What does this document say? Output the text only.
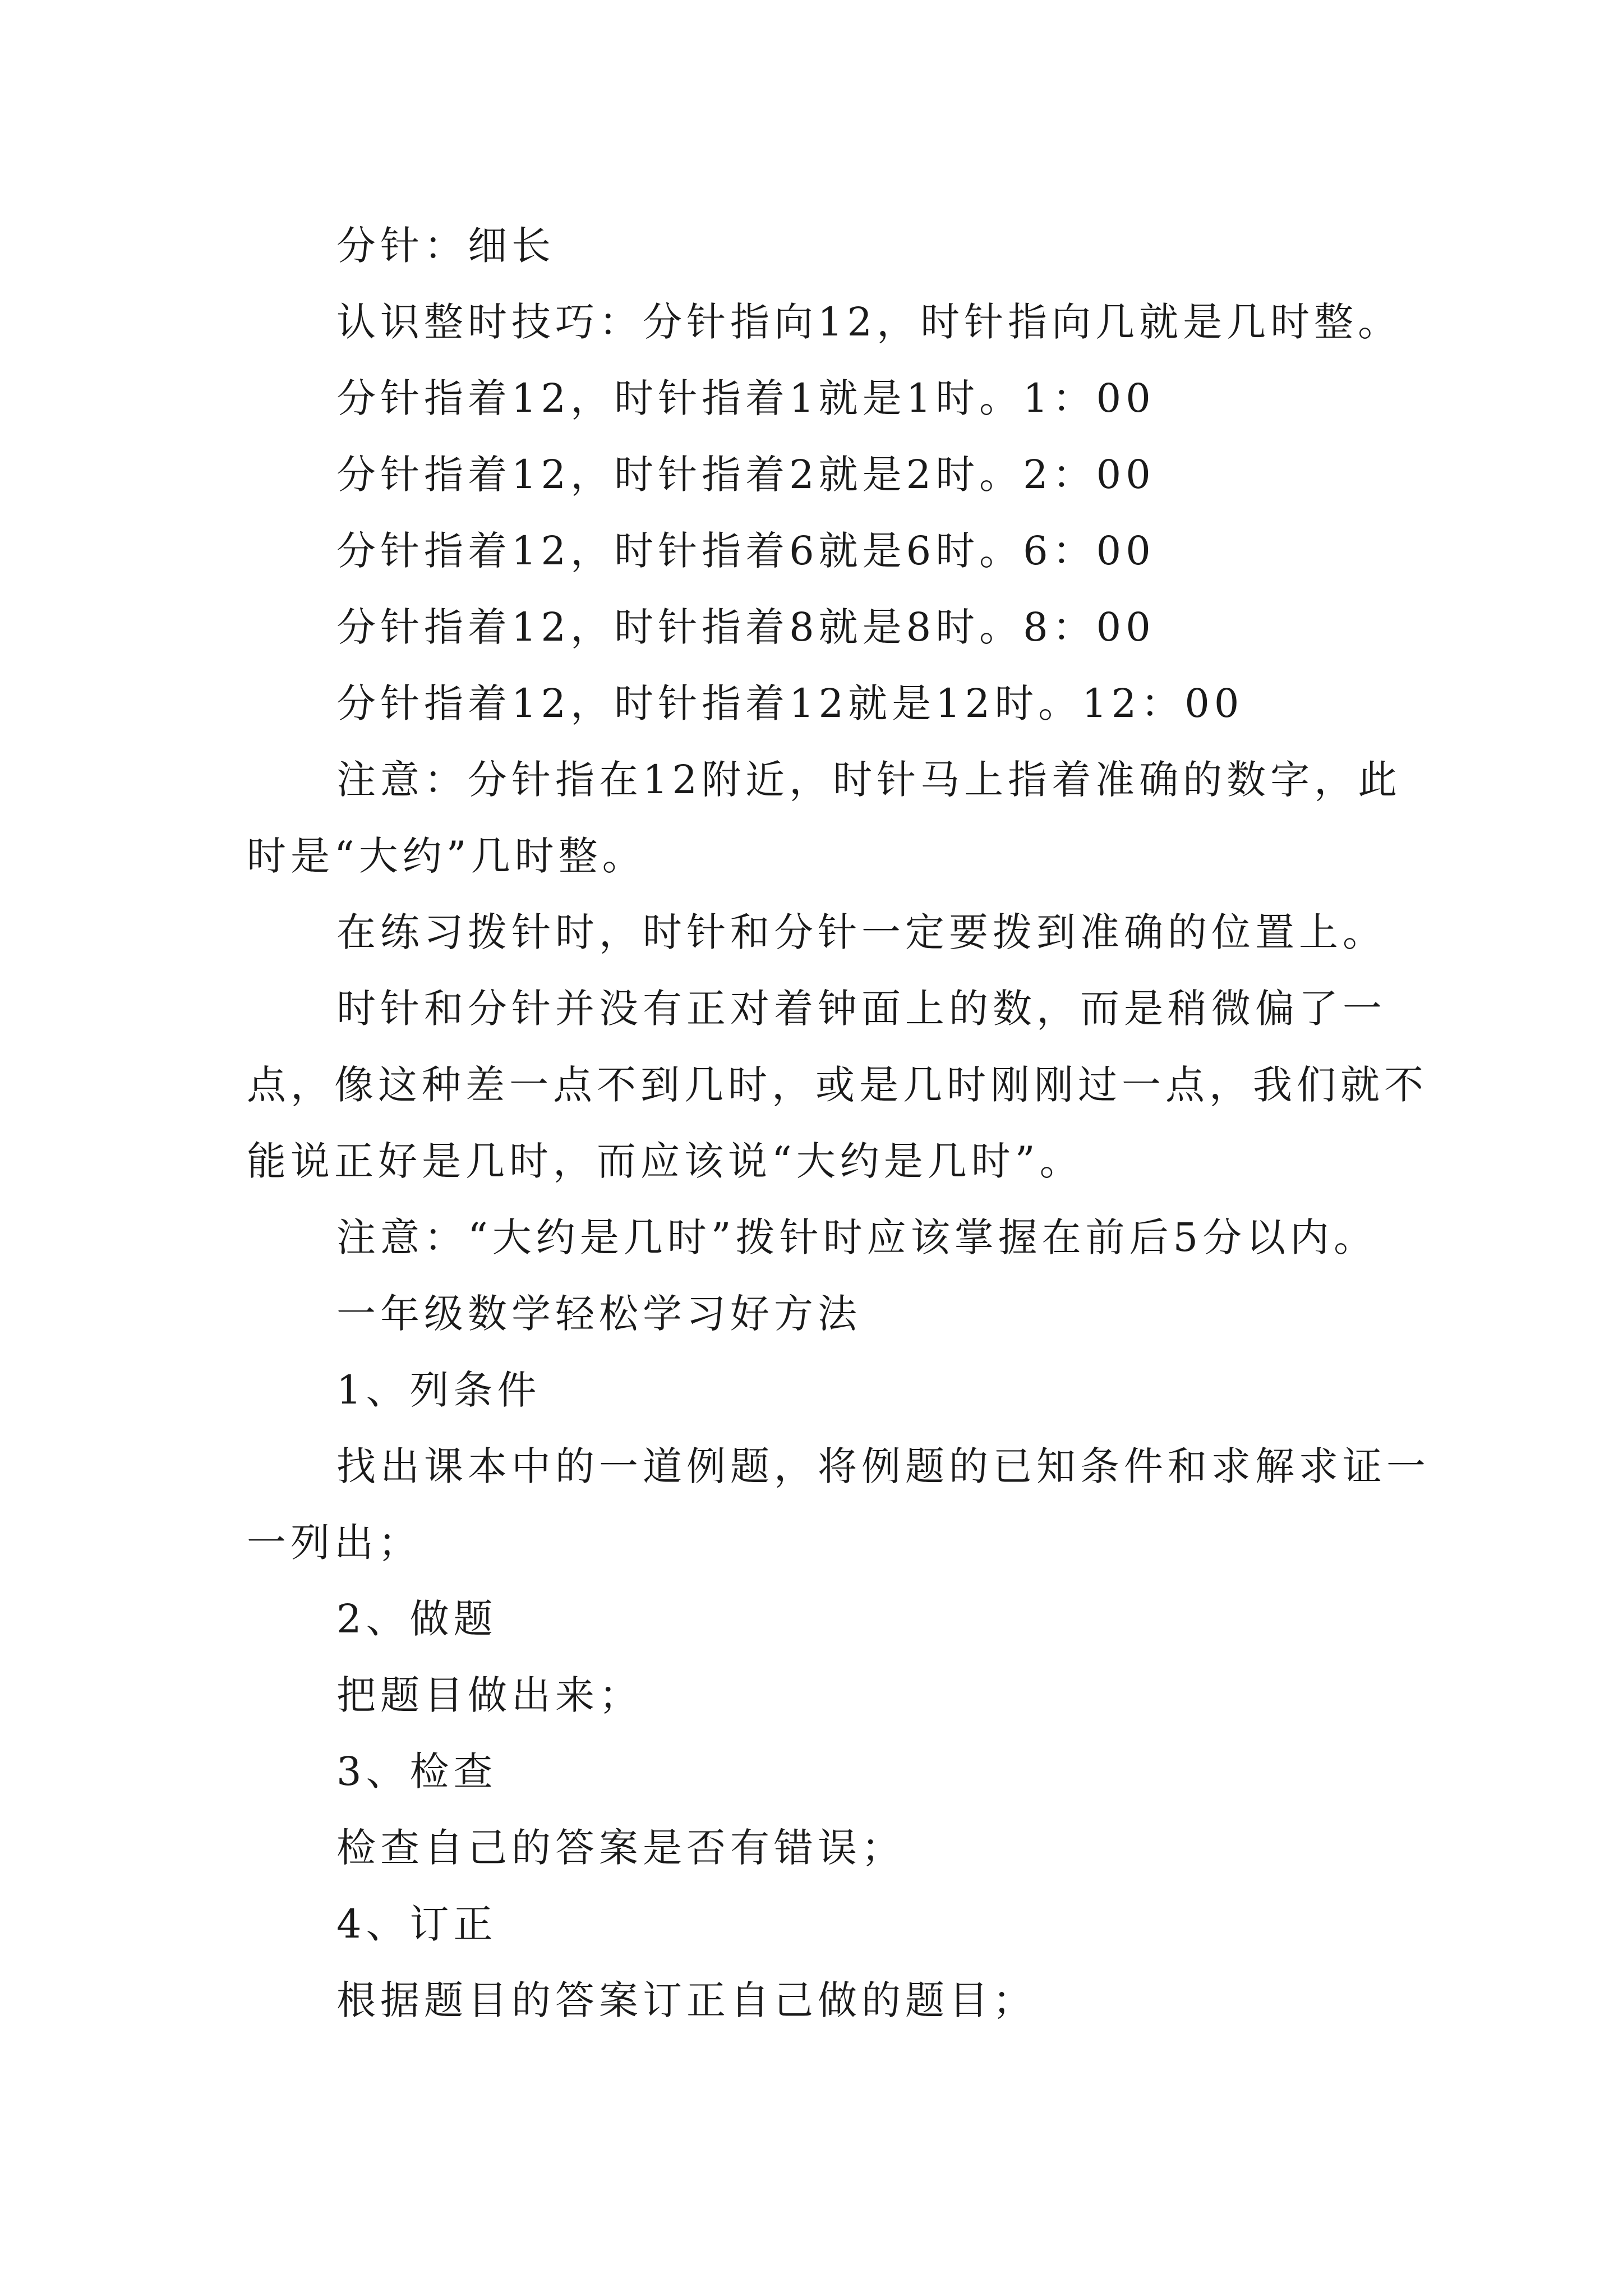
分针：细长

认识整时技巧：分针指向12，时针指向几就是几时整。

分针指着12，时针指着1就是1时。1：00

分针指着12，时针指着2就是2时。2：00

分针指着12，时针指着6就是6时。6：00

分针指着12，时针指着8就是8时。8：00

分针指着12，时针指着12就是12时。12：00

注意：分针指在12附近，时针马上指着准确的数字，此时是“大约”几时整。

在练习拨针时，时针和分针一定要拨到准确的位置上。

时针和分针并没有正对着钟面上的数，而是稍微偏了一点，像这种差一点不到几时，或是几时刚刚过一点，我们就不能说正好是几时，而应该说“大约是几时”。

注意：“大约是几时”拨针时应该掌握在前后5分以内。

一年级数学轻松学习好方法

1、列条件

找出课本中的一道例题，将例题的已知条件和求解求证一一列出；

2、做题

把题目做出来；

3、检查

检查自己的答案是否有错误；

4、订正

根据题目的答案订正自己做的题目；
